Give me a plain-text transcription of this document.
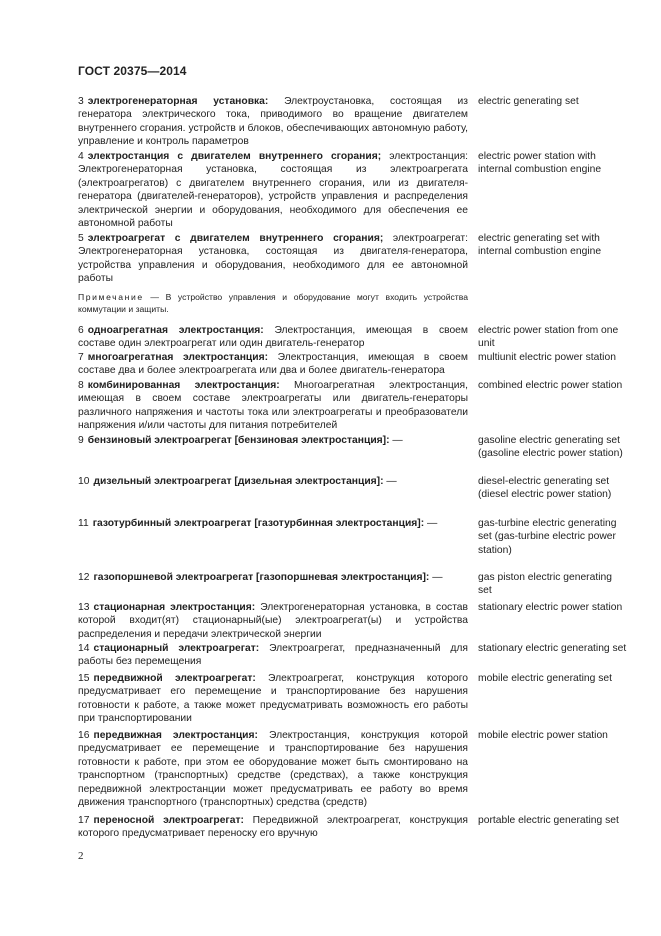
ГОСТ 20375—2014
3 электрогенераторная установка: Электроустановка, состоящая из генератора электрического тока, приводимого во вращение двигателем внутреннего сгорания. устройств и блоков, обеспечивающих автономную работу, управление и контроль параметров
electric generating set
4 электростанция с двигателем внутреннего сгорания; электростанция: Электрогенераторная установка, состоящая из электроагрегата (электроагрегатов) с двигателем внутреннего сгорания, или из двигателя-генератора (двигателей-генераторов), устройств управления и распределения электрической энергии и оборудования, необходимого для обеспечения ее автономной работы
electric power station with internal combustion engine
5 электроагрегат с двигателем внутреннего сгорания; электроагрегат: Электрогенераторная установка, состоящая из двигателя-генератора, устройства управления и оборудования, необходимого для ее автономной работы
electric generating set with internal combustion engine
Примечание — В устройство управления и оборудование могут входить устройства коммутации и защиты.
6 одноагрегатная электростанция: Электростанция, имеющая в своем составе один электроагрегат или один двигатель-генератор
electric power station from one unit
7 многоагрегатная электростанция: Электростанция, имеющая в своем составе два и более электроагрегата или два и более двигатель-генератора
multiunit electric power station
8 комбинированная электростанция: Многоагрегатная электростанция, имеющая в своем составе электроагрегаты или двигатель-генераторы различного напряжения и частоты тока или электроагрегаты и преобразователи напряжения и/или частоты для питания потребителей
combined electric power station
9 бензиновый электроагрегат [бензиновая электростанция]: —	gasoline electric generating set (gasoline electric power station)
10 дизельный электроагрегат [дизельная электростанция]: —	diesel-electric generating set (diesel electric power station)
11 газотурбинный электроагрегат [газотурбинная электростанция]: —	gas-turbine electric generating set (gas-turbine electric power station)
12 газопоршневой электроагрегат [газопоршневая электростанция]: —	gas piston electric generating set
13 стационарная электростанция: Электрогенераторная установка, в состав которой входит(ят) стационарный(ые) электроагрегат(ы) и устройства распределения и передачи электрической энергии
stationary electric power station
14 стационарный электроагрегат: Электроагрегат, предназначенный для работы без перемещения
stationary electric generating set
15 передвижной электроагрегат: Электроагрегат, конструкция которого предусматривает его перемещение и транспортирование без нарушения готовности к работе, а также может предусматривать возможность его работы при транспортировании
mobile electric generating set
16 передвижная электростанция: Электростанция, конструкция которой предусматривает ее перемещение и транспортирование без нарушения готовности к работе, при этом ее оборудование может быть смонтировано на транспортном (транспортных) средстве (средствах), а также конструкция передвижной электростанции может предусматривать ее работу во время движения транспортного (транспортных) средства (средств)
mobile electric power station
17 переносной электроагрегат: Передвижной электроагрегат, конструкция которого предусматривает переноску его вручную
portable electric generating set
2
